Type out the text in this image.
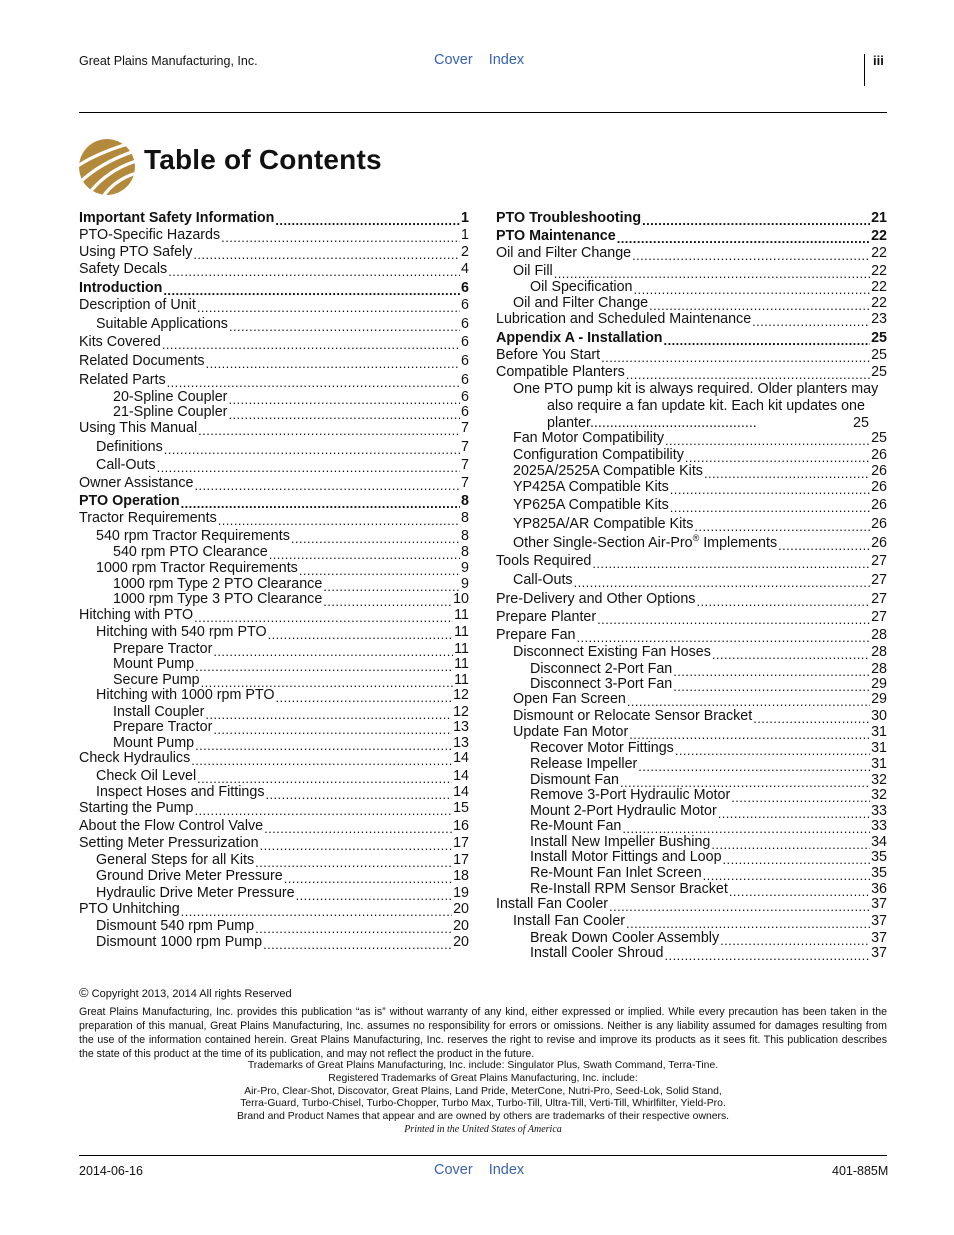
Great Plains Manufacturing, Inc.	Cover Index	iii
Table of Contents
Important Safety Information . . .	1
PTO-Specific Hazards . . .	1
Using PTO Safely . . .	2
Safety Decals . . .	4
Introduction . . .	6
Description of Unit . . .	6
Suitable Applications . . .	6
Kits Covered . . .	6
Related Documents . . .	6
Related Parts . . .	6
20-Spline Coupler . . .	6
21-Spline Coupler . . .	6
Using This Manual . . .	7
Definitions . . .	7
Call-Outs . . .	7
Owner Assistance . . .	7
PTO Operation . . .	8
Tractor Requirements . . .	8
540 rpm Tractor Requirements . . .	8
540 rpm PTO Clearance . . .	8
1000 rpm Tractor Requirements . . .	9
1000 rpm Type 2 PTO Clearance . . .	9
1000 rpm Type 3 PTO Clearance . . .	10
Hitching with PTO . . .	11
Hitching with 540 rpm PTO . . .	11
Prepare Tractor . . .	11
Mount Pump . . .	11
Secure Pump . . .	11
Hitching with 1000 rpm PTO . . .	12
Install Coupler . . .	12
Prepare Tractor . . .	13
Mount Pump . . .	13
Check Hydraulics . . .	14
Check Oil Level . . .	14
Inspect Hoses and Fittings . . .	14
Starting the Pump . . .	15
About the Flow Control Valve . . .	16
Setting Meter Pressurization . . .	17
General Steps for all Kits . . .	17
Ground Drive Meter Pressure . . .	18
Hydraulic Drive Meter Pressure . . .	19
PTO Unhitching . . .	20
Dismount 540 rpm Pump . . .	20
Dismount 1000 rpm Pump . . .	20
PTO Troubleshooting . . .	21
PTO Maintenance . . .	22
Oil and Filter Change . . .	22
Oil Fill . . .	22
Oil Specification . . .	22
Oil and Filter Change . . .	22
Lubrication and Scheduled Maintenance . . .	23
Appendix A - Installation . . .	25
Before You Start . . .	25
Compatible Planters . . .	25
One PTO pump kit is always required. Older planters may also require a fan update kit. Each kit updates one planter..........................................	25
Fan Motor Compatibility . . .	25
Configuration Compatibility . . .	26
2025A/2525A Compatible Kits . . .	26
YP425A Compatible Kits . . .	26
YP625A Compatible Kits . . .	26
YP825A/AR Compatible Kits . . .	26
Other Single-Section Air-Pro® Implements . . .	26
Tools Required . . .	27
Call-Outs . . .	27
Pre-Delivery and Other Options . . .	27
Prepare Planter . . .	27
Prepare Fan . . .	28
Disconnect Existing Fan Hoses . . .	28
Disconnect 2-Port Fan . . .	28
Disconnect 3-Port Fan . . .	29
Open Fan Screen . . .	29
Dismount or Relocate Sensor Bracket . . .	30
Update Fan Motor . . .	31
Recover Motor Fittings . . .	31
Release Impeller . . .	31
Dismount Fan . . .	32
Remove 3-Port Hydraulic Motor . . .	32
Mount 2-Port Hydraulic Motor . . .	33
Re-Mount Fan . . .	33
Install New Impeller Bushing . . .	34
Install Motor Fittings and Loop . . .	35
Re-Mount Fan Inlet Screen . . .	35
Re-Install RPM Sensor Bracket . . .	36
Install Fan Cooler . . .	37
Install Fan Cooler . . .	37
Break Down Cooler Assembly . . .	37
Install Cooler Shroud . . .	37
© Copyright 2013, 2014 All rights Reserved
Great Plains Manufacturing, Inc. provides this publication “as is” without warranty of any kind, either expressed or implied. While every precaution has been taken in the preparation of this manual, Great Plains Manufacturing, Inc. assumes no responsibility for errors or omissions. Neither is any liability assumed for damages resulting from the use of the information contained herein. Great Plains Manufacturing, Inc. reserves the right to revise and improve its products as it sees fit. This publication describes the state of this product at the time of its publication, and may not reflect the product in the future.
Trademarks of Great Plains Manufacturing, Inc. include: Singulator Plus, Swath Command, Terra-Tine.
Registered Trademarks of Great Plains Manufacturing, Inc. include:
Air-Pro, Clear-Shot, Discovator, Great Plains, Land Pride, MeterCone, Nutri-Pro, Seed-Lok, Solid Stand,
Terra-Guard, Turbo-Chisel, Turbo-Chopper, Turbo Max, Turbo-Till, Ultra-Till, Verti-Till, Whirlfilter, Yield-Pro.
Brand and Product Names that appear and are owned by others are trademarks of their respective owners.
Printed in the United States of America
2014-06-16	Cover Index	401-885M
